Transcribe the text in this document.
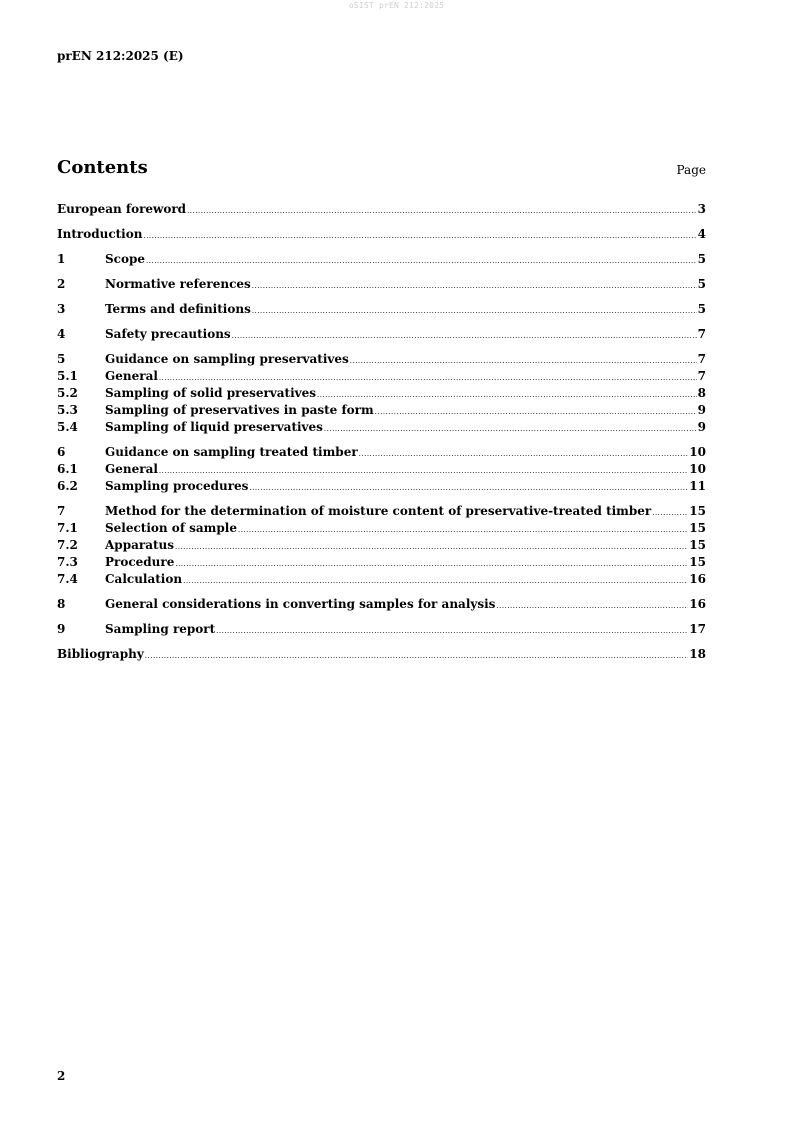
oSIST prEN 212:2025
prEN 212:2025 (E)
Contents	Page
European foreword .....	3
Introduction .....	4
1	Scope .....	5
2	Normative references .....	5
3	Terms and definitions .....	5
4	Safety precautions .....	7
5	Guidance on sampling preservatives .....	7
5.1	General .....	7
5.2	Sampling of solid preservatives .....	8
5.3	Sampling of preservatives in paste form .....	9
5.4	Sampling of liquid preservatives .....	9
6	Guidance on sampling treated timber .....	10
6.1	General .....	10
6.2	Sampling procedures .....	11
7	Method for the determination of moisture content of preservative-treated timber .....	15
7.1	Selection of sample .....	15
7.2	Apparatus .....	15
7.3	Procedure .....	15
7.4	Calculation .....	16
8	General considerations in converting samples for analysis .....	16
9	Sampling report .....	17
Bibliography .....	18
2
